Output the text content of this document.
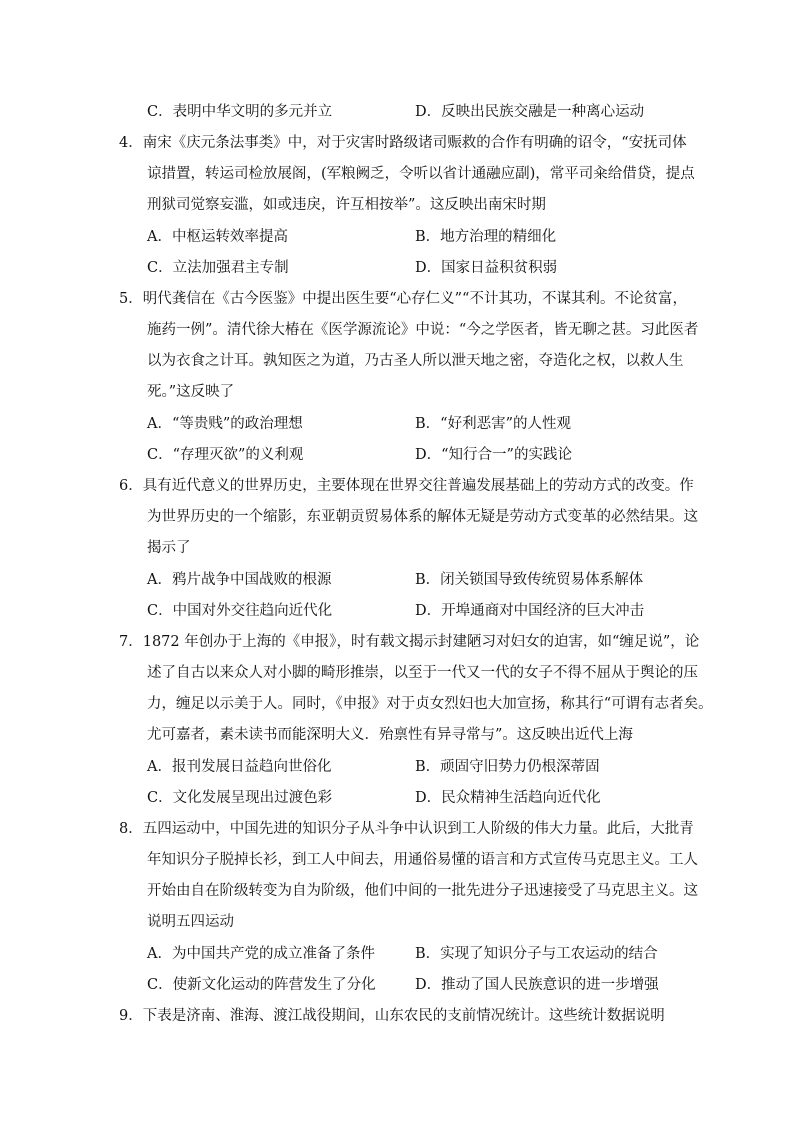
C．表明中华文明的多元并立	D．反映出民族交融是一种离心运动
4．南宋《庆元条法事类》中，对于灾害时路级诸司赈救的合作有明确的诏令，“安抚司体
谅措置，转运司检放展阁，(军粮阙乏，令听以省计通融应副)，常平司籴给借贷，提点
刑狱司觉察妄滥，如或违戾，许互相按举”。这反映出南宋时期
A．中枢运转效率提高	B．地方治理的精细化
C．立法加强君主专制	D．国家日益积贫积弱
5．明代龚信在《古今医鉴》中提出医生要“心存仁义”“不计其功，不谋其利。不论贫富，
施药一例”。清代徐大椿在《医学源流论》中说：“今之学医者，皆无聊之甚。习此医者
以为衣食之计耳。孰知医之为道，乃古圣人所以泄天地之密，夺造化之权，以救人生
死。”这反映了
A．“等贵贱”的政治理想	B．“好利恶害”的人性观
C．“存理灭欲”的义利观	D．“知行合一”的实践论
6．具有近代意义的世界历史，主要体现在世界交往普遍发展基础上的劳动方式的改变。作
为世界历史的一个缩影，东亚朝贡贸易体系的解体无疑是劳动方式变革的必然结果。这
揭示了
A．鸦片战争中国战败的根源	B．闭关锁国导致传统贸易体系解体
C．中国对外交往趋向近代化	D．开埠通商对中国经济的巨大冲击
7．1872 年创办于上海的《申报》，时有载文揭示封建陋习对妇女的迫害，如“缠足说”，论
述了自古以来众人对小脚的畸形推崇，以至于一代又一代的女子不得不屈从于舆论的压
力，缠足以示美于人。同时，《申报》对于贞女烈妇也大加宣扬，称其行“可谓有志者矣。
尤可嘉者，素未读书而能深明大义．殆禀性有异寻常与”。这反映出近代上海
A．报刊发展日益趋向世俗化	B．顽固守旧势力仍根深蒂固
C．文化发展呈现出过渡色彩	D．民众精神生活趋向近代化
8．五四运动中，中国先进的知识分子从斗争中认识到工人阶级的伟大力量。此后，大批青
年知识分子脱掉长衫，到工人中间去，用通俗易懂的语言和方式宣传马克思主义。工人
开始由自在阶级转变为自为阶级，他们中间的一批先进分子迅速接受了马克思主义。这
说明五四运动
A．为中国共产党的成立准备了条件	B．实现了知识分子与工农运动的结合
C．使新文化运动的阵营发生了分化	D．推动了国人民族意识的进一步增强
9．下表是济南、淮海、渡江战役期间，山东农民的支前情况统计。这些统计数据说明
